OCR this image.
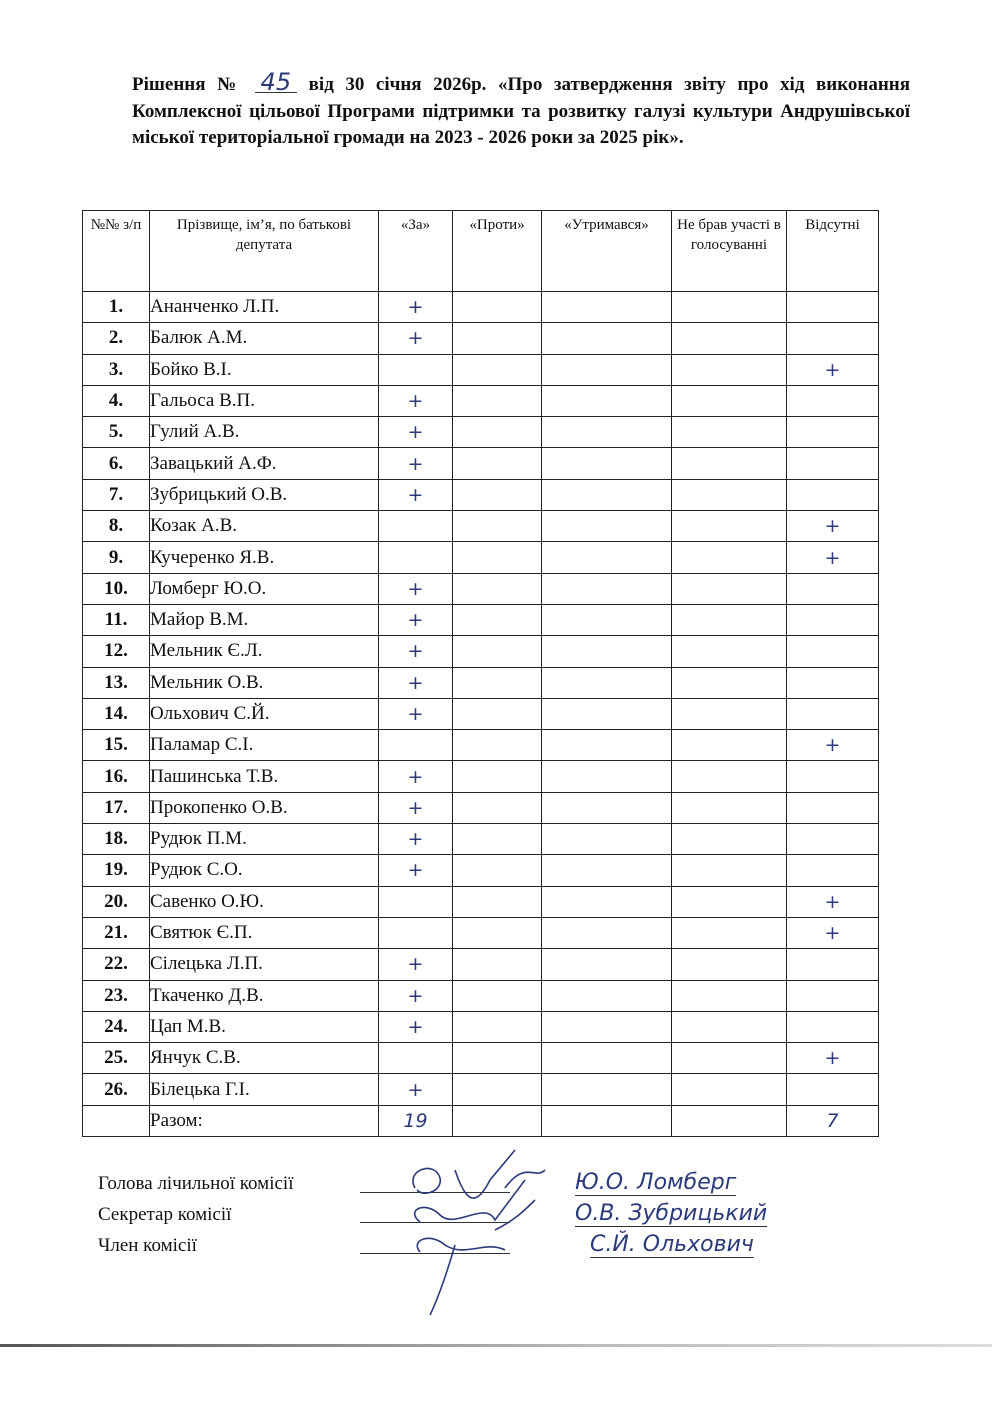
Рішення № 45 від 30 січня 2026р. «Про затвердження звіту про хід виконання Комплексної цільової Програми підтримки та розвитку галузі культури Андрушівської міської територіальної громади на 2023 - 2026 роки за 2025 рік».
№№ з/п	Прізвище, ім’я, по батькові депутата	«За»	«Проти»	«Утримався»	Не брав участі в голосуванні	Відсутні
1.	Ананченко Л.П.	+				
2.	Балюк А.М.	+				
3.	Бойко В.І.					+
4.	Гальоса В.П.	+				
5.	Гулий А.В.	+				
6.	Завацький А.Ф.	+				
7.	Зубрицький О.В.	+				
8.	Козак А.В.					+
9.	Кучеренко Я.В.					+
10.	Ломберг Ю.О.	+				
11.	Майор В.М.	+				
12.	Мельник Є.Л.	+				
13.	Мельник О.В.	+				
14.	Ольхович С.Й.	+				
15.	Паламар С.І.					+
16.	Пашинська Т.В.	+				
17.	Прокопенко О.В.	+				
18.	Рудюк П.М.	+				
19.	Рудюк С.О.	+				
20.	Савенко О.Ю.					+
21.	Святюк Є.П.					+
22.	Сілецька Л.П.	+				
23.	Ткаченко Д.В.	+				
24.	Цап М.В.	+				
25.	Янчук С.В.					+
26.	Білецька Г.І.	+				
	Разом:	19				7
Голова лічильної комісії
Секретар комісії
Член комісії
Ю.О. Ломберг
О.В. Зубрицький
С.Й. Ольхович
